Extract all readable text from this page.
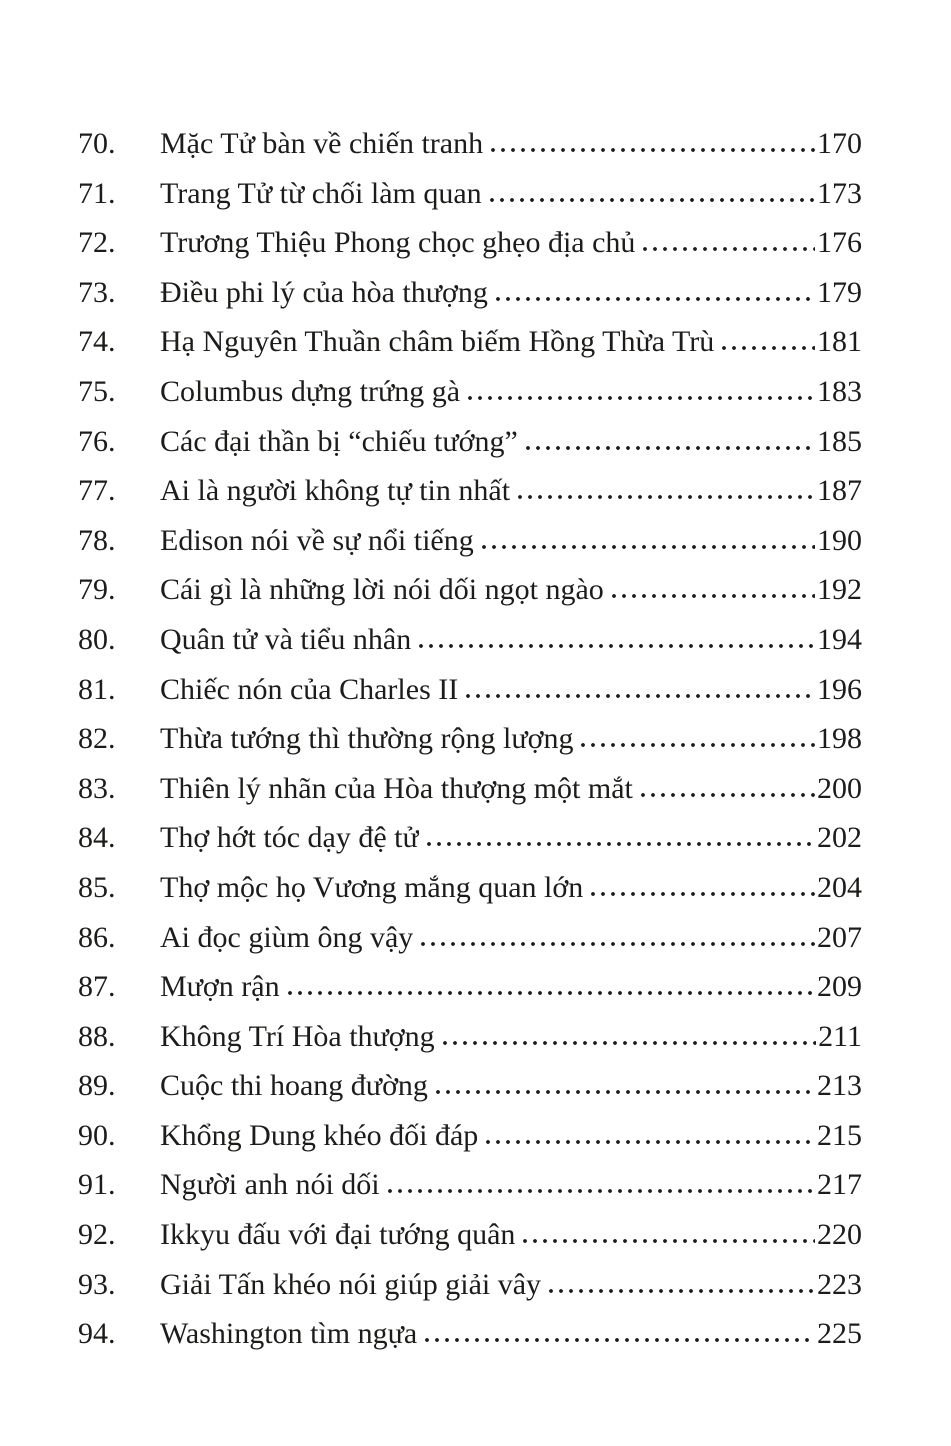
70.	Mặc Tử bàn về chiến tranh	170
71.	Trang Tử từ chối làm quan	173
72.	Trương Thiệu Phong chọc ghẹo địa chủ	176
73.	Điều phi lý của hòa thượng	179
74.	Hạ Nguyên Thuần châm biếm Hồng Thừa Trù	181
75.	Columbus dựng trứng gà	183
76.	Các đại thần bị “chiếu tướng”	185
77.	Ai là người không tự tin nhất	187
78.	Edison nói về sự nổi tiếng	190
79.	Cái gì là những lời nói dối ngọt ngào	192
80.	Quân tử và tiểu nhân	194
81.	Chiếc nón của Charles II	196
82.	Thừa tướng thì thường rộng lượng	198
83.	Thiên lý nhãn của Hòa thượng một mắt	200
84.	Thợ hớt tóc dạy đệ tử	202
85.	Thợ mộc họ Vương mắng quan lớn	204
86.	Ai đọc giùm ông vậy	207
87.	Mượn rận	209
88.	Không Trí Hòa thượng	211
89.	Cuộc thi hoang đường	213
90.	Khổng Dung khéo đối đáp	215
91.	Người anh nói dối	217
92.	Ikkyu đấu với đại tướng quân	220
93.	Giải Tấn khéo nói giúp giải vây	223
94.	Washington tìm ngựa	225
